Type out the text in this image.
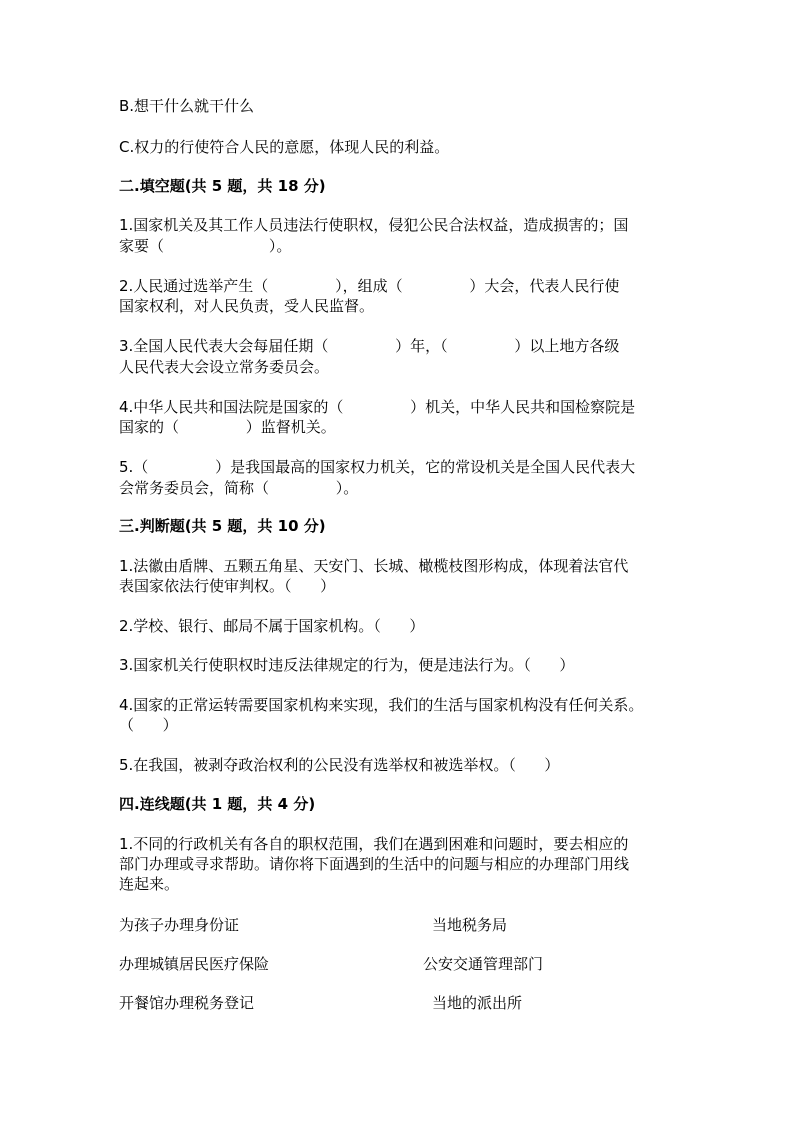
B.想干什么就干什么
C.权力的行使符合人民的意愿，体现人民的利益。
二.填空题(共 5 题，共 18 分)
1.国家机关及其工作人员违法行使职权，侵犯公民合法权益，造成损害的；国
家要（                      ）。
2.人民通过选举产生（              ），组成（              ）大会，代表人民行使
国家权利，对人民负责，受人民监督。
3.全国人民代表大会每届任期（              ）年，（              ）以上地方各级
人民代表大会设立常务委员会。
4.中华人民共和国法院是国家的（              ）机关，中华人民共和国检察院是
国家的（              ）监督机关。
5.（              ）是我国最高的国家权力机关，它的常设机关是全国人民代表大
会常务委员会，简称（              ）。
三.判断题(共 5 题，共 10 分)
1.法徽由盾牌、五颗五角星、天安门、长城、橄榄枝图形构成，体现着法官代
表国家依法行使审判权。（      ）
2.学校、银行、邮局不属于国家机构。（      ）
3.国家机关行使职权时违反法律规定的行为，便是违法行为。（      ）
4.国家的正常运转需要国家机构来实现，我们的生活与国家机构没有任何关系。
（      ）
5.在我国，被剥夺政治权利的公民没有选举权和被选举权。（      ）
四.连线题(共 1 题，共 4 分)
1.不同的行政机关有各自的职权范围，我们在遇到困难和问题时，要去相应的
部门办理或寻求帮助。请你将下面遇到的生活中的问题与相应的办理部门用线
连起来。
为孩子办理身份证	当地税务局
办理城镇居民医疗保险	公安交通管理部门
开餐馆办理税务登记	当地的派出所
